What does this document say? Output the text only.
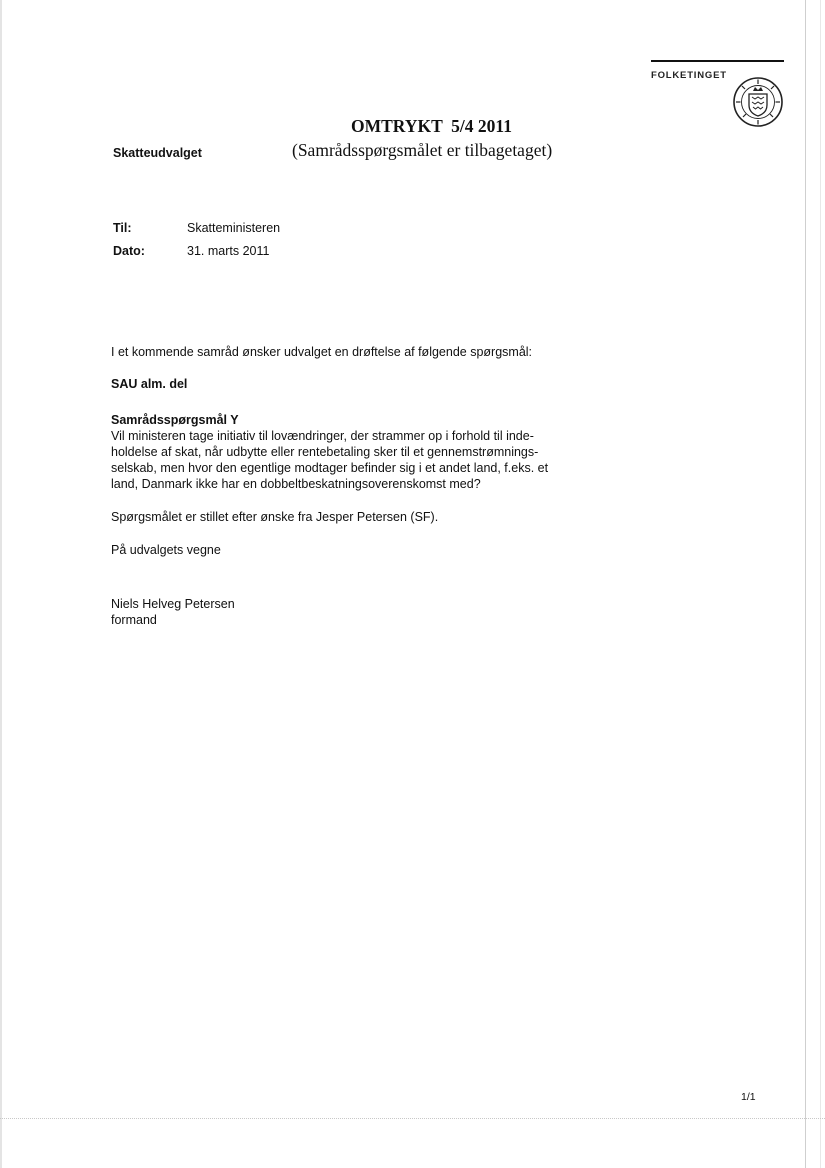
FOLKETINGET
OMTRYKT  5/4 2011
(Samrådsspørgsmålet er tilbagetaget)
Skatteudvalget
Til:	Skatteministeren
Dato:	31. marts 2011
I et kommende samråd ønsker udvalget en drøftelse af følgende spørgsmål:
SAU alm. del
Samrådsspørgsmål Y
Vil ministeren tage initiativ til lovændringer, der strammer op i forhold til inde-
holdelse af skat, når udbytte eller rentebetaling sker til et gennemstrømnings-
selskab, men hvor den egentlige modtager befinder sig i et andet land, f.eks. et
land, Danmark ikke har en dobbeltbeskatningsoverenskomst med?
Spørgsmålet er stillet efter ønske fra Jesper Petersen (SF).
På udvalgets vegne
Niels Helveg Petersen
formand
1/1
